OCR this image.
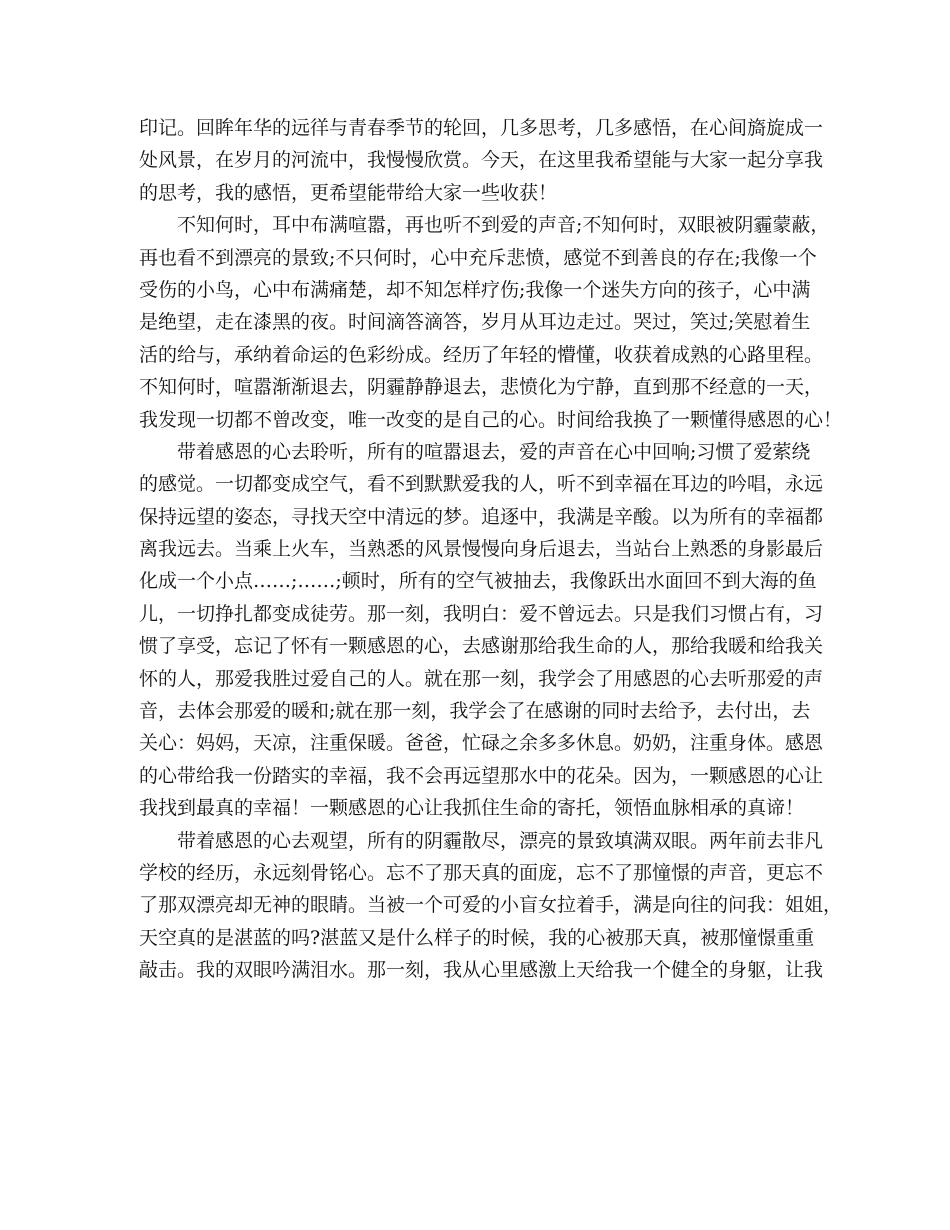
印记。回眸年华的远徉与青春季节的轮回，几多思考，几多感悟，在心间旖旋成一
处风景，在岁月的河流中，我慢慢欣赏。今天，在这里我希望能与大家一起分享我
的思考，我的感悟，更希望能带给大家一些收获！
不知何时，耳中布满喧嚣，再也听不到爱的声音;不知何时，双眼被阴霾蒙蔽，
再也看不到漂亮的景致;不只何时，心中充斥悲愤，感觉不到善良的存在;我像一个
受伤的小鸟，心中布满痛楚，却不知怎样疗伤;我像一个迷失方向的孩子，心中满
是绝望，走在漆黑的夜。时间滴答滴答，岁月从耳边走过。哭过，笑过;笑慰着生
活的给与，承纳着命运的色彩纷成。经历了年轻的懵懂，收获着成熟的心路里程。
不知何时，喧嚣渐渐退去，阴霾静静退去，悲愤化为宁静，直到那不经意的一天，
我发现一切都不曾改变，唯一改变的是自己的心。时间给我换了一颗懂得感恩的心！
带着感恩的心去聆听，所有的喧嚣退去，爱的声音在心中回响;习惯了爱萦绕
的感觉。一切都变成空气，看不到默默爱我的人，听不到幸福在耳边的吟唱，永远
保持远望的姿态，寻找天空中清远的梦。追逐中，我满是辛酸。以为所有的幸福都
离我远去。当乘上火车，当熟悉的风景慢慢向身后退去，当站台上熟悉的身影最后
化成一个小点……;……;顿时，所有的空气被抽去，我像跃出水面回不到大海的鱼
儿，一切挣扎都变成徒劳。那一刻，我明白：爱不曾远去。只是我们习惯占有，习
惯了享受，忘记了怀有一颗感恩的心，去感谢那给我生命的人，那给我暖和给我关
怀的人，那爱我胜过爱自己的人。就在那一刻，我学会了用感恩的心去听那爱的声
音，去体会那爱的暖和;就在那一刻，我学会了在感谢的同时去给予，去付出，去
关心：妈妈，天凉，注重保暖。爸爸，忙碌之余多多休息。奶奶，注重身体。感恩
的心带给我一份踏实的幸福，我不会再远望那水中的花朵。因为，一颗感恩的心让
我找到最真的幸福！一颗感恩的心让我抓住生命的寄托，领悟血脉相承的真谛！
带着感恩的心去观望，所有的阴霾散尽，漂亮的景致填满双眼。两年前去非凡
学校的经历，永远刻骨铭心。忘不了那天真的面庞，忘不了那憧憬的声音，更忘不
了那双漂亮却无神的眼睛。当被一个可爱的小盲女拉着手，满是向往的问我：姐姐，
天空真的是湛蓝的吗?湛蓝又是什么样子的时候，我的心被那天真，被那憧憬重重
敲击。我的双眼吟满泪水。那一刻，我从心里感激上天给我一个健全的身躯，让我
